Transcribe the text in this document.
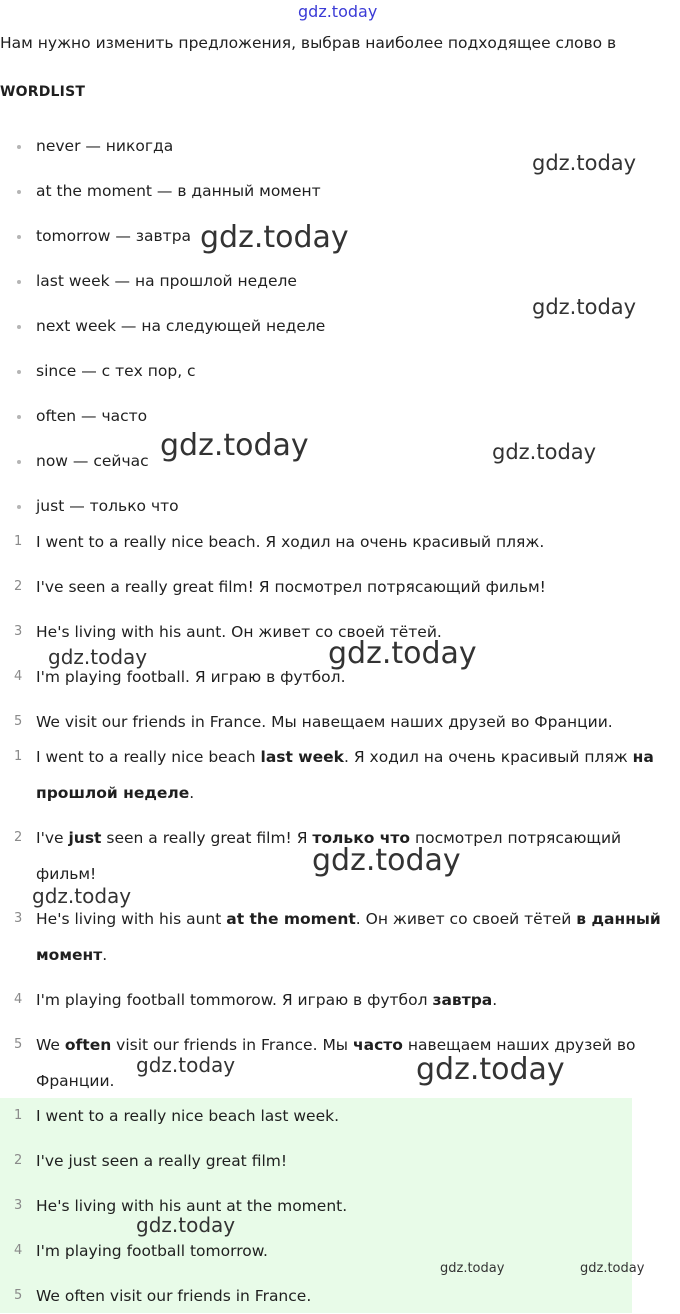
gdz.today
Нам нужно изменить предложения, выбрав наиболее подходящее слово в
WORDLIST
never — никогда
at the moment — в данный момент
tomorrow — завтра
last week — на прошлой неделе
next week — на следующей неделе
since — с тех пор, с
often — часто
now — сейчас
just — только что
1 I went to a really nice beach. Я ходил на очень красивый пляж.
2 I've seen a really great film! Я посмотрел потрясающий фильм!
3 He's living with his aunt. Он живет со своей тётей.
4 I'm playing football. Я играю в футбол.
5 We visit our friends in France. Мы навещаем наших друзей во Франции.
1 I went to a really nice beach last week. Я ходил на очень красивый пляж на прошлой неделе.
2 I've just seen a really great film! Я только что посмотрел потрясающий фильм!
3 He's living with his aunt at the moment. Он живет со своей тётей в данный момент.
4 I'm playing football tommorow. Я играю в футбол завтра.
5 We often visit our friends in France. Мы часто навещаем наших друзей во Франции.
1 I went to a really nice beach last week.
2 I've just seen a really great film!
3 He's living with his aunt at the moment.
4 I'm playing football tomorrow.
5 We often visit our friends in France.
gdz.today
gdz.today
gdz.today
gdz.today	gdz.today
gdz.today	gdz.today
gdz.today
gdz.today
gdz.today	gdz.today
gdz.today
gdz.today	gdz.today
